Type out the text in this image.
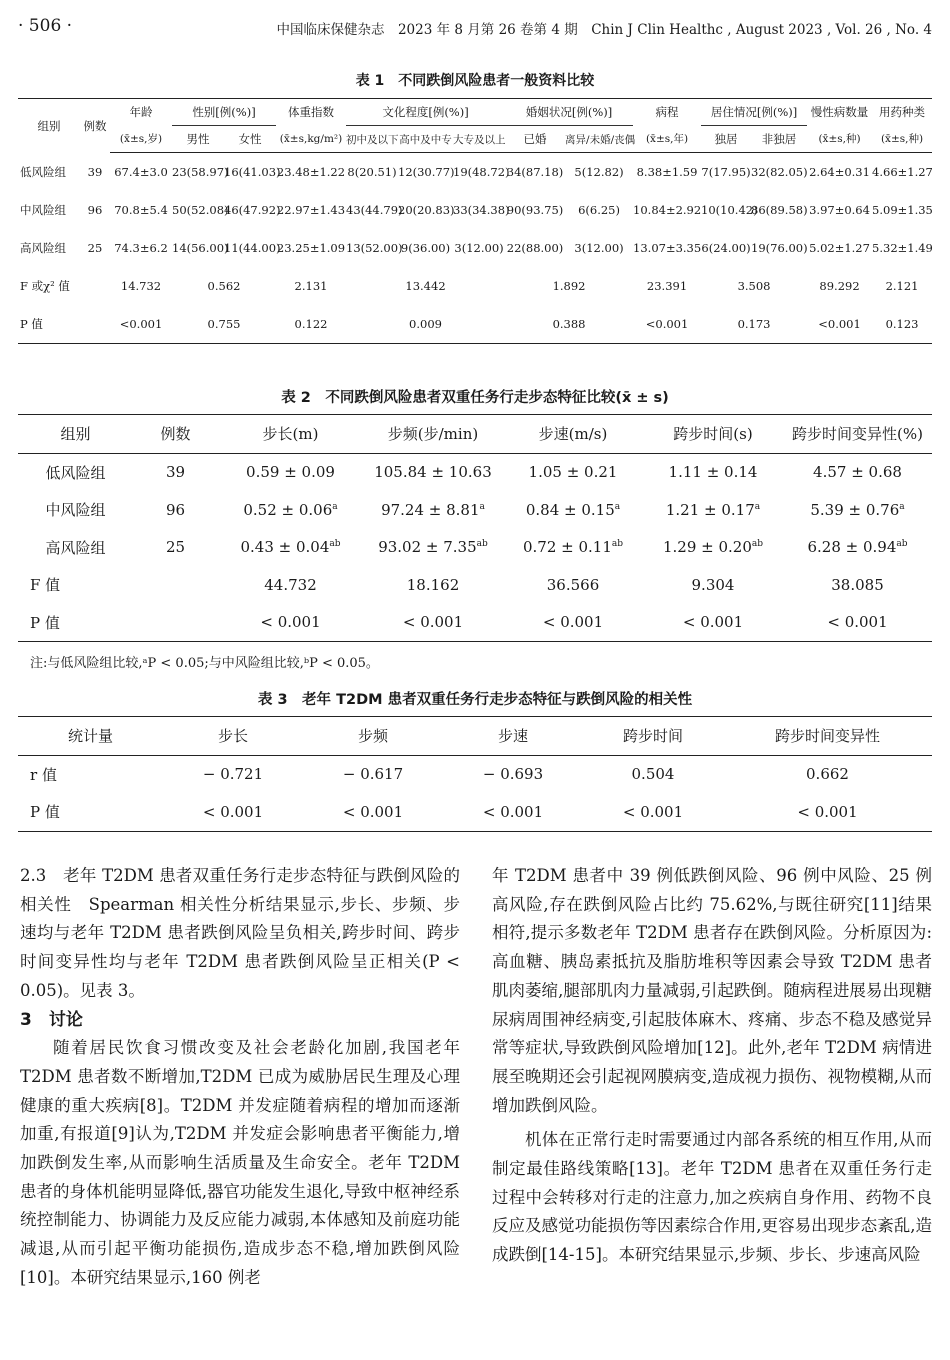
· 506 ·	中国临床保健杂志　2023 年 8 月第 26 卷第 4 期　Chin J Clin Healthc , August 2023 , Vol. 26 , No. 4
表 1　不同跌倒风险患者一般资料比较
组别	例数	年龄	性别[例(%)]		体重指数	文化程度[例(%)]			婚姻状况[例(%)]		病程	居住情况[例(%)]		慢性病数量	用药种类
		(x̄±s,岁)	男性	女性	(x̄±s,kg/m²)	初中及以下	高中及中专	大专及以上	已婚	离异/未婚/丧偶	(x̄±s,年)	独居	非独居	(x̄±s,种)	(x̄±s,种)
低风险组	39	67.4±3.0	23(58.97)	16(41.03)	23.48±1.22	8(20.51)	12(30.77)	19(48.72)	34(87.18)	5(12.82)	8.38±1.59	7(17.95)	32(82.05)	2.64±0.31	4.66±1.27
中风险组	96	70.8±5.4	50(52.08)	46(47.92)	22.97±1.43	43(44.79)	20(20.83)	33(34.38)	90(93.75)	6(6.25)	10.84±2.92	10(10.42)	86(89.58)	3.97±0.64	5.09±1.35
高风险组	25	74.3±6.2	14(56.00)	11(44.00)	23.25±1.09	13(52.00)	9(36.00)	3(12.00)	22(88.00)	3(12.00)	13.07±3.35	6(24.00)	19(76.00)	5.02±1.27	5.32±1.49
F 或χ² 值		14.732	0.562		2.131	13.442			1.892		23.391	3.508		89.292	2.121
P 值		<0.001	0.755		0.122	0.009			0.388		<0.001	0.173		<0.001	0.123
表 2　不同跌倒风险患者双重任务行走步态特征比较(x̄ ± s)
组别	例数	步长(m)	步频(步/min)	步速(m/s)	跨步时间(s)	跨步时间变异性(%)
低风险组	39	0.59 ± 0.09	105.84 ± 10.63	1.05 ± 0.21	1.11 ± 0.14	4.57 ± 0.68
中风险组	96	0.52 ± 0.06$^a$	97.24 ± 8.81$^a$	0.84 ± 0.15$^a$	1.21 ± 0.17$^a$	5.39 ± 0.76$^a$
高风险组	25	0.43 ± 0.04$^{ab}$	93.02 ± 7.35$^{ab}$	0.72 ± 0.11$^{ab}$	1.29 ± 0.20$^{ab}$	6.28 ± 0.94$^{ab}$
F 值		44.732	18.162	36.566	9.304	38.085
P 值		< 0.001	< 0.001	< 0.001	< 0.001	< 0.001
注:与低风险组比较,ᵃP < 0.05;与中风险组比较,ᵇP < 0.05。
表 3　老年 T2DM 患者双重任务行走步态特征与跌倒风险的相关性
统计量	步长	步频	步速	跨步时间	跨步时间变异性
r 值	− 0.721	− 0.617	− 0.693	0.504	0.662
P 值	< 0.001	< 0.001	< 0.001	< 0.001	< 0.001

2.3　老年 T2DM 患者双重任务行走步态特征与跌倒风险的相关性　Spearman 相关性分析结果显示,步长、步频、步速均与老年 T2DM 患者跌倒风险呈负相关,跨步时间、跨步时间变异性均与老年 T2DM 患者跌倒风险呈正相关(P < 0.05)。见表 3。

3　讨论

随着居民饮食习惯改变及社会老龄化加剧,我国老年 T2DM 患者数不断增加,T2DM 已成为威胁居民生理及心理健康的重大疾病[8]。T2DM 并发症随着病程的增加而逐渐加重,有报道[9]认为,T2DM 并发症会影响患者平衡能力,增加跌倒发生率,从而影响生活质量及生命安全。老年 T2DM 患者的身体机能明显降低,器官功能发生退化,导致中枢神经系统控制能力、协调能力及反应能力减弱,本体感知及前庭功能减退,从而引起平衡功能损伤,造成步态不稳,增加跌倒风险[10]。本研究结果显示,160 例老

年 T2DM 患者中 39 例低跌倒风险、96 例中风险、25 例高风险,存在跌倒风险占比约 75.62%,与既往研究[11]结果相符,提示多数老年 T2DM 患者存在跌倒风险。分析原因为:高血糖、胰岛素抵抗及脂肪堆积等因素会导致 T2DM 患者肌肉萎缩,腿部肌肉力量减弱,引起跌倒。随病程进展易出现糖尿病周围神经病变,引起肢体麻木、疼痛、步态不稳及感觉异常等症状,导致跌倒风险增加[12]。此外,老年 T2DM 病情进展至晚期还会引起视网膜病变,造成视力损伤、视物模糊,从而增加跌倒风险。

机体在正常行走时需要通过内部各系统的相互作用,从而制定最佳路线策略[13]。老年 T2DM 患者在双重任务行走过程中会转移对行走的注意力,加之疾病自身作用、药物不良反应及感觉功能损伤等因素综合作用,更容易出现步态紊乱,造成跌倒[14-15]。本研究结果显示,步频、步长、步速高风险
